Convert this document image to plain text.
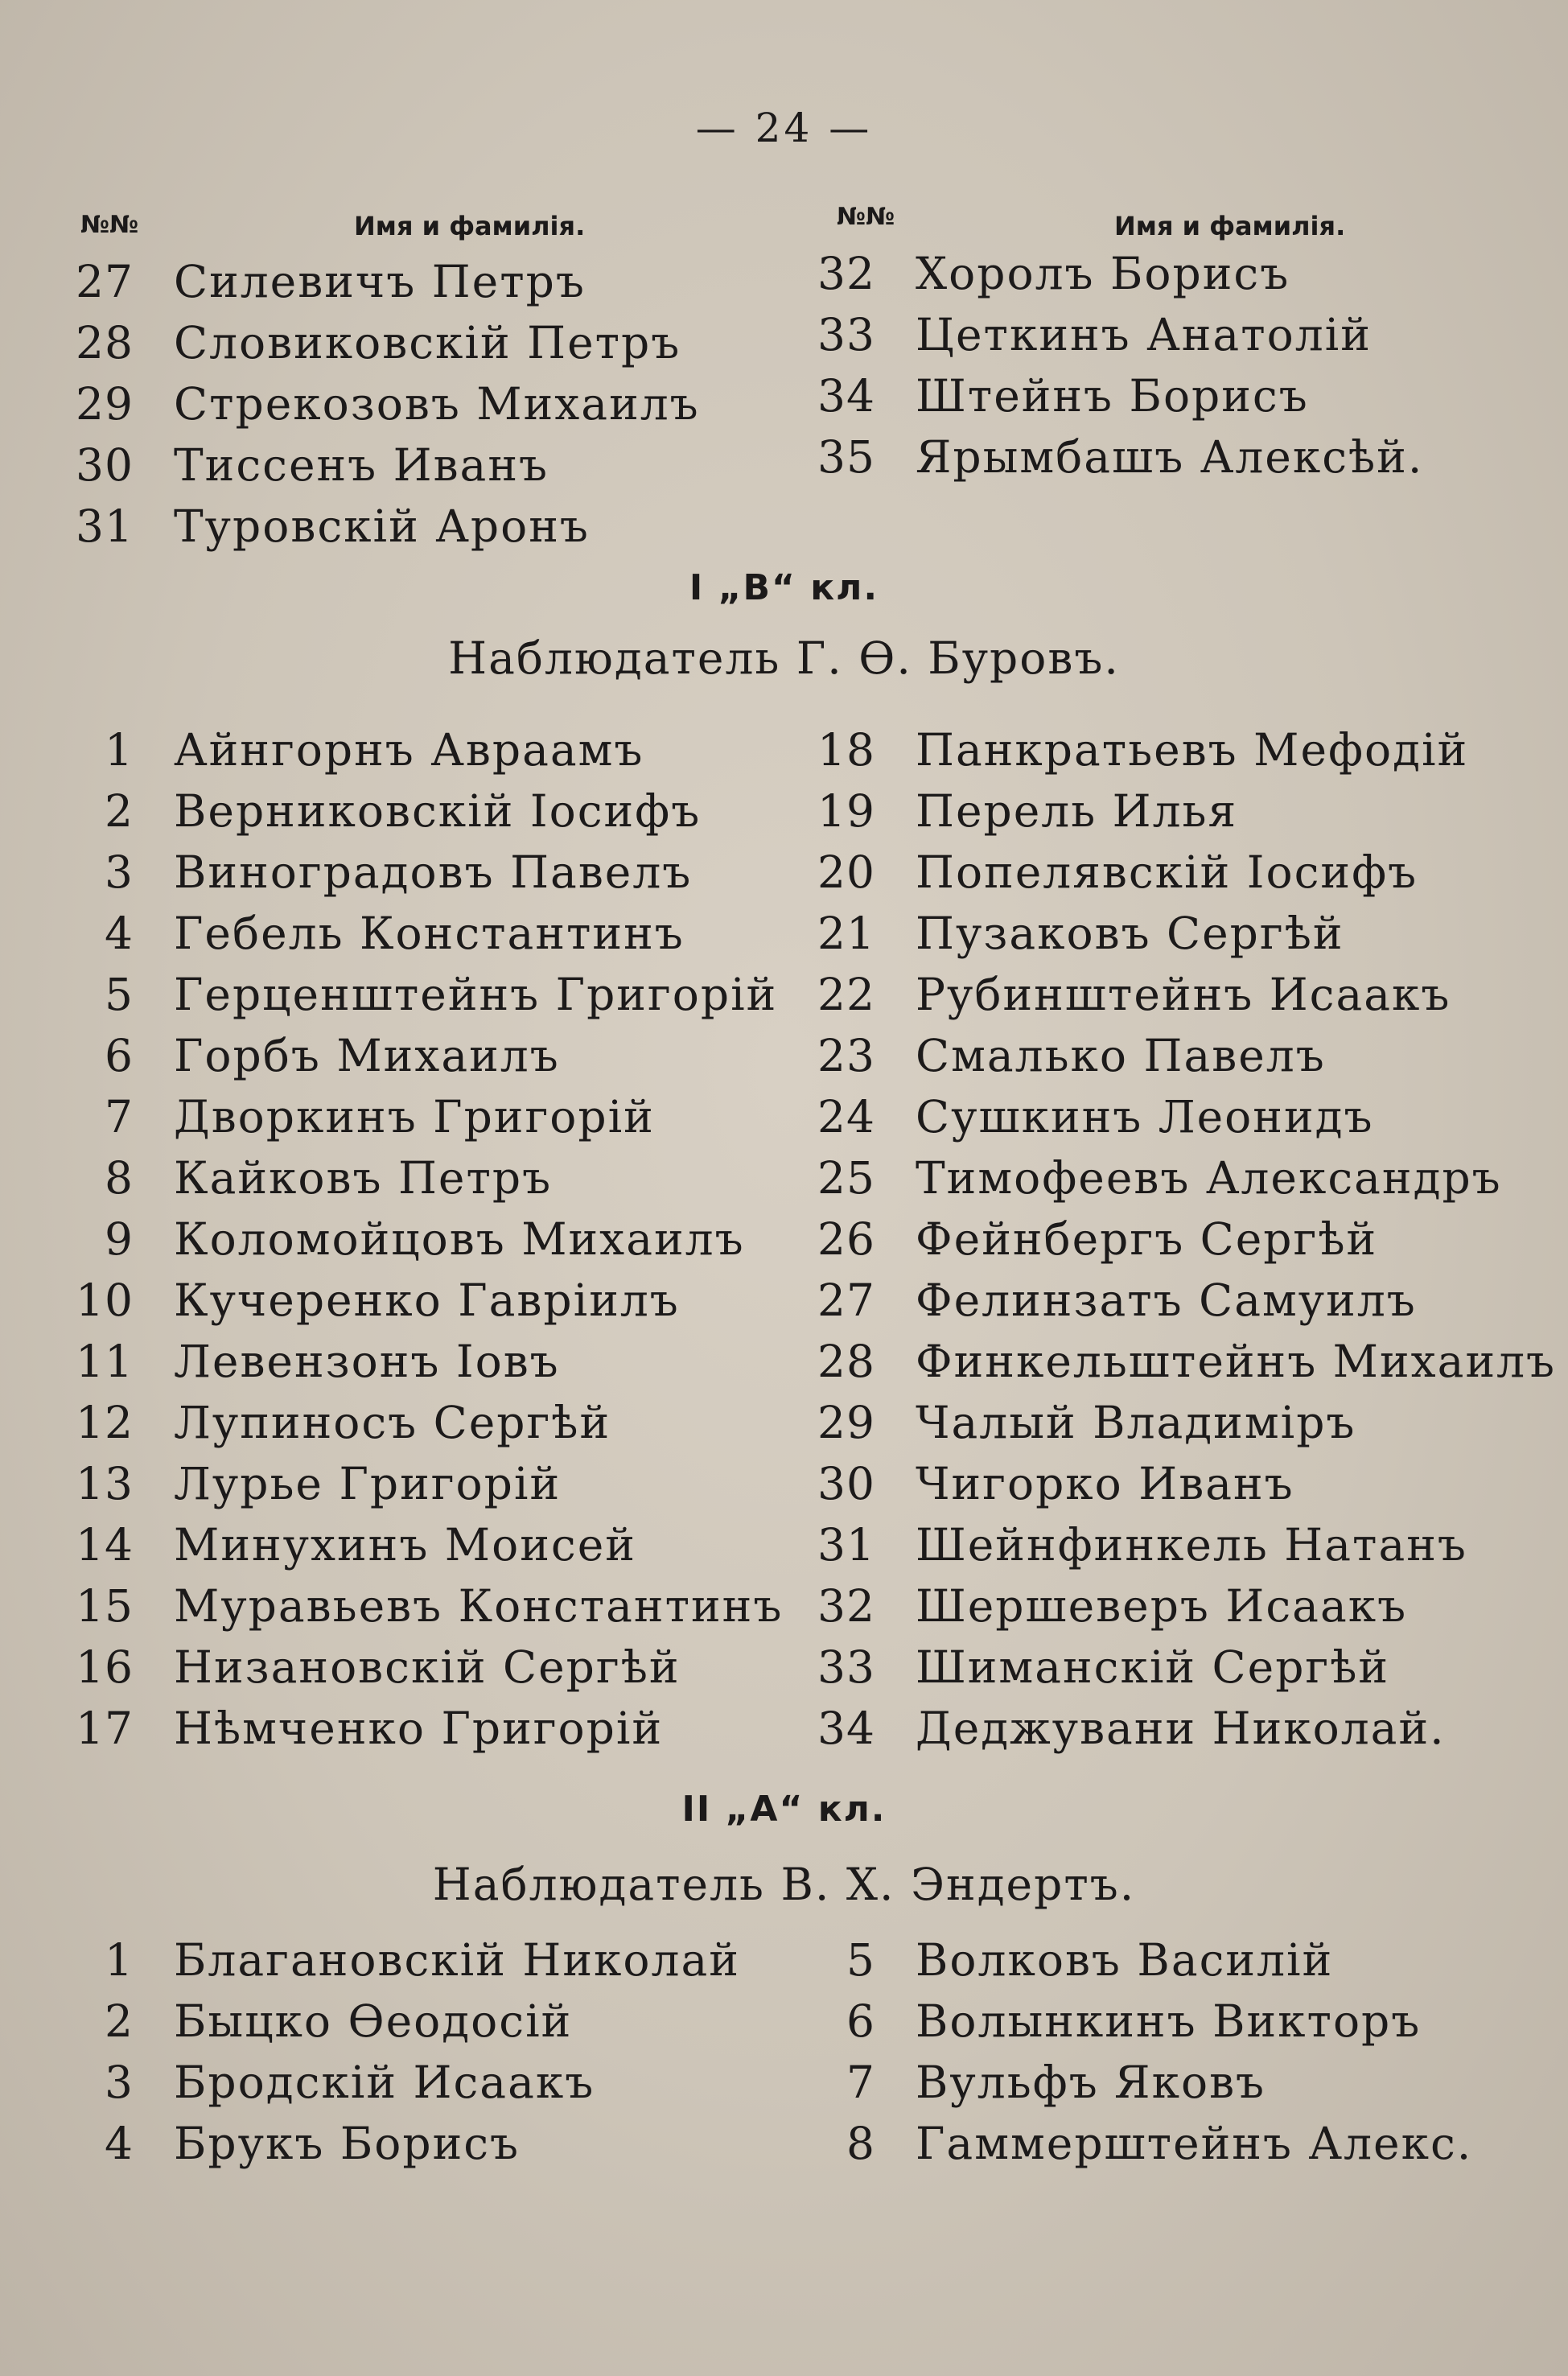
— 24 —
№№	Имя и фамилія.	№№	Имя и фамилія.
27 Силевичъ Петръ
28 Словиковскій Петръ
29 Стрекозовъ Михаилъ
30 Тиссенъ Иванъ
31 Туровскій Аронъ
32 Хоролъ Борисъ
33 Цеткинъ Анатолій
34 Штейнъ Борисъ
35 Ярымбашъ Алексѣй.
I „В“ кл.
Наблюдатель Г. Ѳ. Буровъ.
1 Айнгорнъ Авраамъ
2 Верниковскій Іосифъ
3 Виноградовъ Павелъ
4 Гебель Константинъ
5 Герценштейнъ Григорій
6 Горбъ Михаилъ
7 Дворкинъ Григорій
8 Кайковъ Петръ
9 Коломойцовъ Михаилъ
10 Кучеренко Гавріилъ
11 Левензонъ Іовъ
12 Лупиносъ Сергѣй
13 Лурье Григорій
14 Минухинъ Моисей
15 Муравьевъ Константинъ
16 Низановскій Сергѣй
17 Нѣмченко Григорій
18 Панкратьевъ Мефодій
19 Перель Илья
20 Попелявскій Іосифъ
21 Пузаковъ Сергѣй
22 Рубинштейнъ Исаакъ
23 Смалько Павелъ
24 Сушкинъ Леонидъ
25 Тимофеевъ Александръ
26 Фейнбергъ Сергѣй
27 Фелинзатъ Самуилъ
28 Финкельштейнъ Михаилъ
29 Чалый Владиміръ
30 Чигорко Иванъ
31 Шейнфинкель Натанъ
32 Шершеверъ Исаакъ
33 Шиманскій Сергѣй
34 Деджувани Николай.
II „А“ кл.
Наблюдатель В. Х. Эндертъ.
1 Благановскій Николай
2 Быцко Ѳеодосій
3 Бродскій Исаакъ
4 Брукъ Борисъ
5 Волковъ Василій
6 Волынкинъ Викторъ
7 Вульфъ Яковъ
8 Гаммерштейнъ Алекс.
